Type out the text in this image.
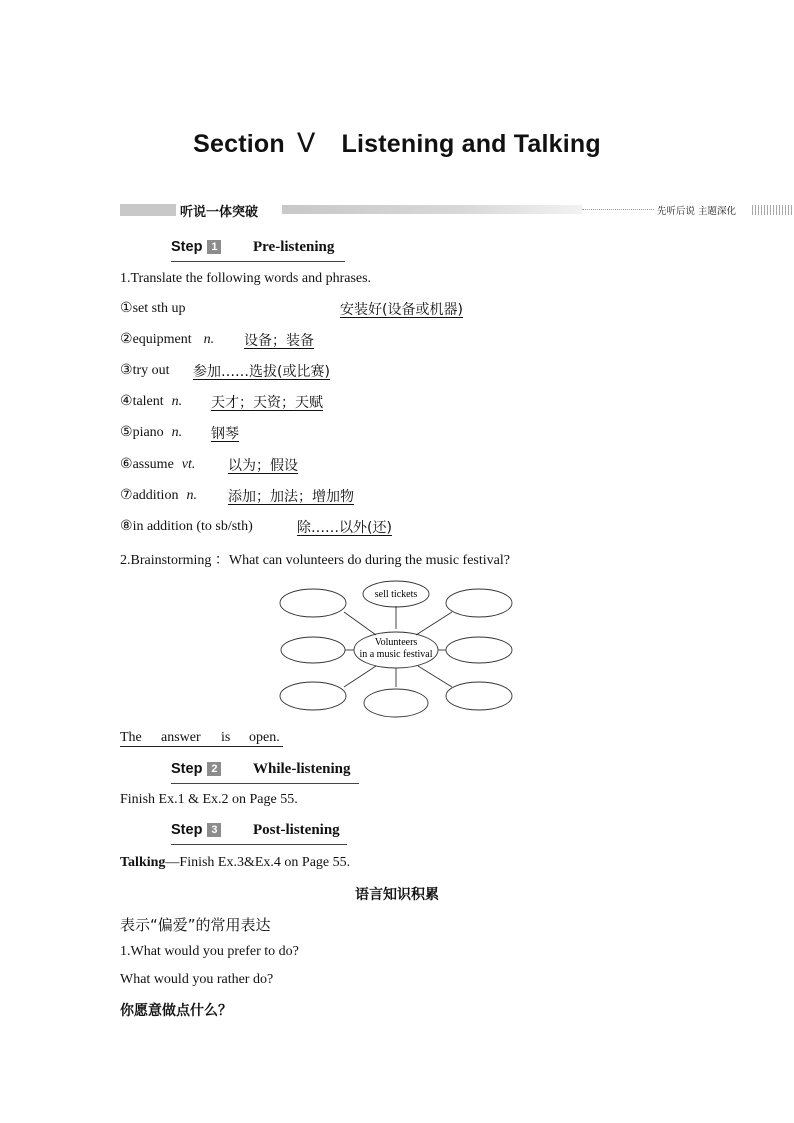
Section Ⅴ Listening and Talking
听说一体突破	先听后说 主题深化
Step 1 Pre-listening
1.Translate the following words and phrases.
①set sth up	安装好(设备或机器)
②equipment n. 设备；装备
③try out 参加……选拔(或比赛)
④talent n. 天才；天资；天赋
⑤piano n. 钢琴
⑥assume vt. 以为；假设
⑦addition n. 添加；加法；增加物
⑧in addition (to sb/sth)	除……以外(还)
2.Brainstorming ：What can volunteers do during the music festival?
sell tickets
Volunteers
in a music festival
The answer is open.
Step 2 While-listening
Finish Ex.1 & Ex.2 on Page 55.
Step 3 Post-listening
Talking—Finish Ex.3&Ex.4 on Page 55.
语言知识积累
表示“偏爱”的常用表达
1.What would you prefer to do?
What would you rather do?
你愿意做点什么？
